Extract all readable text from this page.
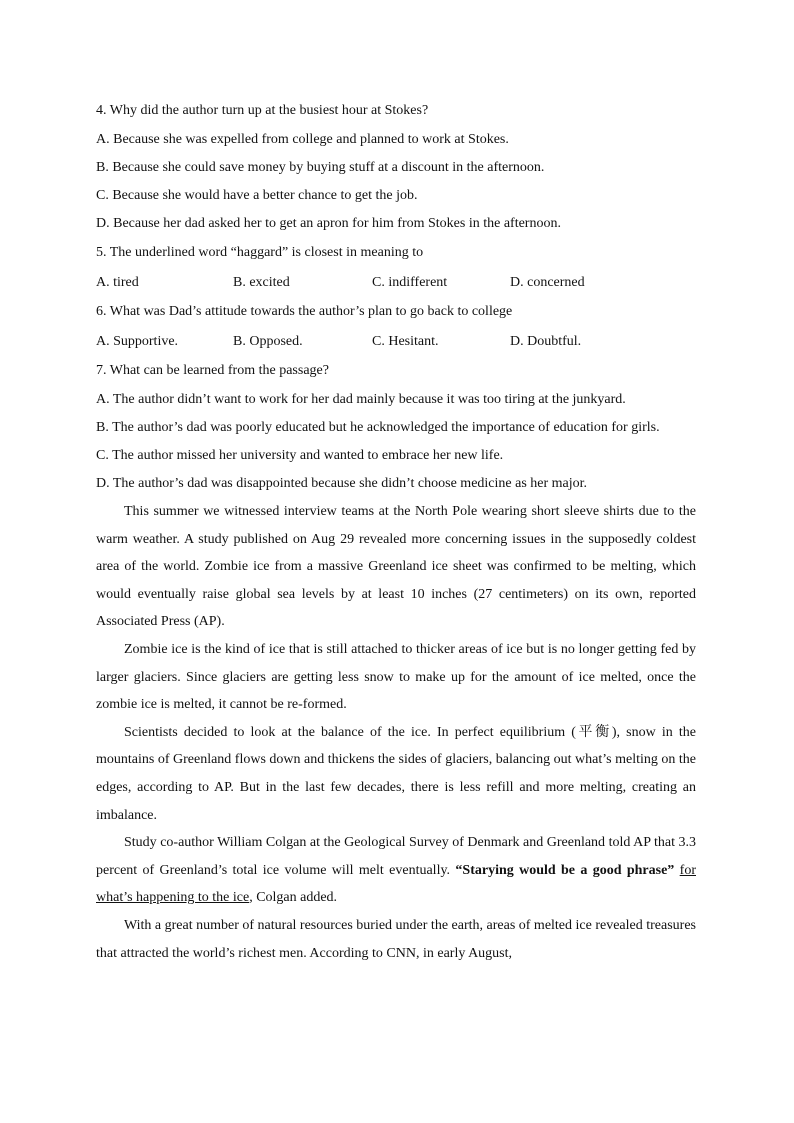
4. Why did the author turn up at the busiest hour at Stokes?
A. Because she was expelled from college and planned to work at Stokes.
B. Because she could save money by buying stuff at a discount in the afternoon.
C. Because she would have a better chance to get the job.
D. Because her dad asked her to get an apron for him from Stokes in the afternoon.
5. The underlined word “haggard” is closest in meaning to
A. tired	B. excited	C. indifferent	D. concerned
6. What was Dad’s attitude towards the author’s plan to go back to college
A. Supportive.	B. Opposed.	C. Hesitant.	D. Doubtful.
7. What can be learned from the passage?
A. The author didn’t want to work for her dad mainly because it was too tiring at the junkyard.
B. The author’s dad was poorly educated but he acknowledged the importance of education for girls.
C. The author missed her university and wanted to embrace her new life.
D. The author’s dad was disappointed because she didn’t choose medicine as her major.

This summer we witnessed interview teams at the North Pole wearing short sleeve shirts due to the warm weather. A study published on Aug 29 revealed more concerning issues in the supposedly coldest area of the world. Zombie ice from a massive Greenland ice sheet was confirmed to be melting, which would eventually raise global sea levels by at least 10 inches (27 centimeters) on its own, reported Associated Press (AP).

Zombie ice is the kind of ice that is still attached to thicker areas of ice but is no longer getting fed by larger glaciers. Since glaciers are getting less snow to make up for the amount of ice melted, once the zombie ice is melted, it cannot be re-formed.

Scientists decided to look at the balance of the ice. In perfect equilibrium (平衡), snow in the mountains of Greenland flows down and thickens the sides of glaciers, balancing out what’s melting on the edges, according to AP. But in the last few decades, there is less refill and more melting, creating an imbalance.

Study co-author William Colgan at the Geological Survey of Denmark and Greenland told AP that 3.3 percent of Greenland’s total ice volume will melt eventually. “Starying would be a good phrase” for what’s happening to the ice, Colgan added.

With a great number of natural resources buried under the earth, areas of melted ice revealed treasures that attracted the world’s richest men. According to CNN, in early August,
